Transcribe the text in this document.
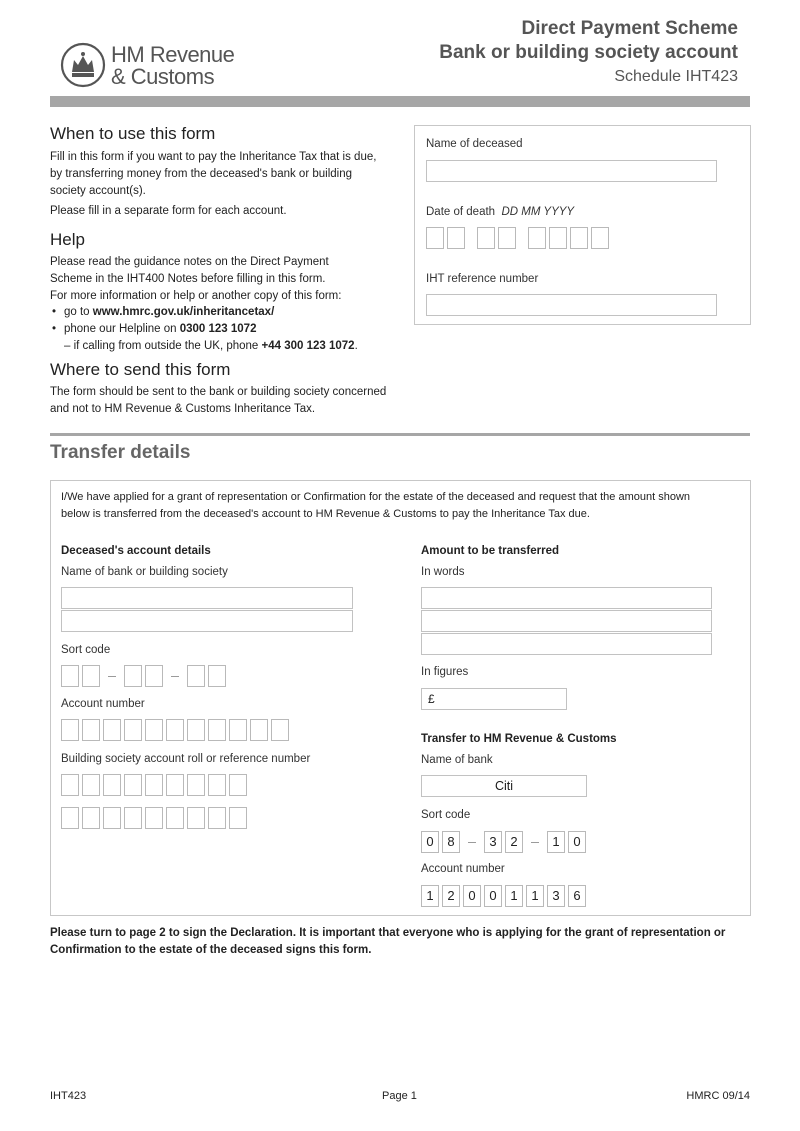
HM Revenue
& Customs
Direct Payment Scheme
Bank or building society account
Schedule IHT423
When to use this form
Fill in this form if you want to pay the Inheritance Tax that is due, by transferring money from the deceased's bank or building society account(s).
Please fill in a separate form for each account.
Help
Please read the guidance notes on the Direct Payment Scheme in the IHT400 Notes before filling in this form.
For more information or help or another copy of this form:
• go to www.hmrc.gov.uk/inheritancetax/
• phone our Helpline on 0300 123 1072
– if calling from outside the UK, phone +44 300 123 1072.
Where to send this form
The form should be sent to the bank or building society concerned and not to HM Revenue & Customs Inheritance Tax.
Name of deceased
Date of death DD MM YYYY
IHT reference number
Transfer details
I/We have applied for a grant of representation or Confirmation for the estate of the deceased and request that the amount shown below is transferred from the deceased's account to HM Revenue & Customs to pay the Inheritance Tax due.
Deceased's account details
Name of bank or building society
Sort code
Account number
Building society account roll or reference number
Amount to be transferred
In words
In figures
£
Transfer to HM Revenue & Customs
Name of bank
Citi
Sort code
0	8	3	2	1	0
Account number
1	2	0	0	1	1	3	6
Please turn to page 2 to sign the Declaration. It is important that everyone who is applying for the grant of representation or Confirmation to the estate of the deceased signs this form.
IHT423	Page 1	HMRC 09/14
